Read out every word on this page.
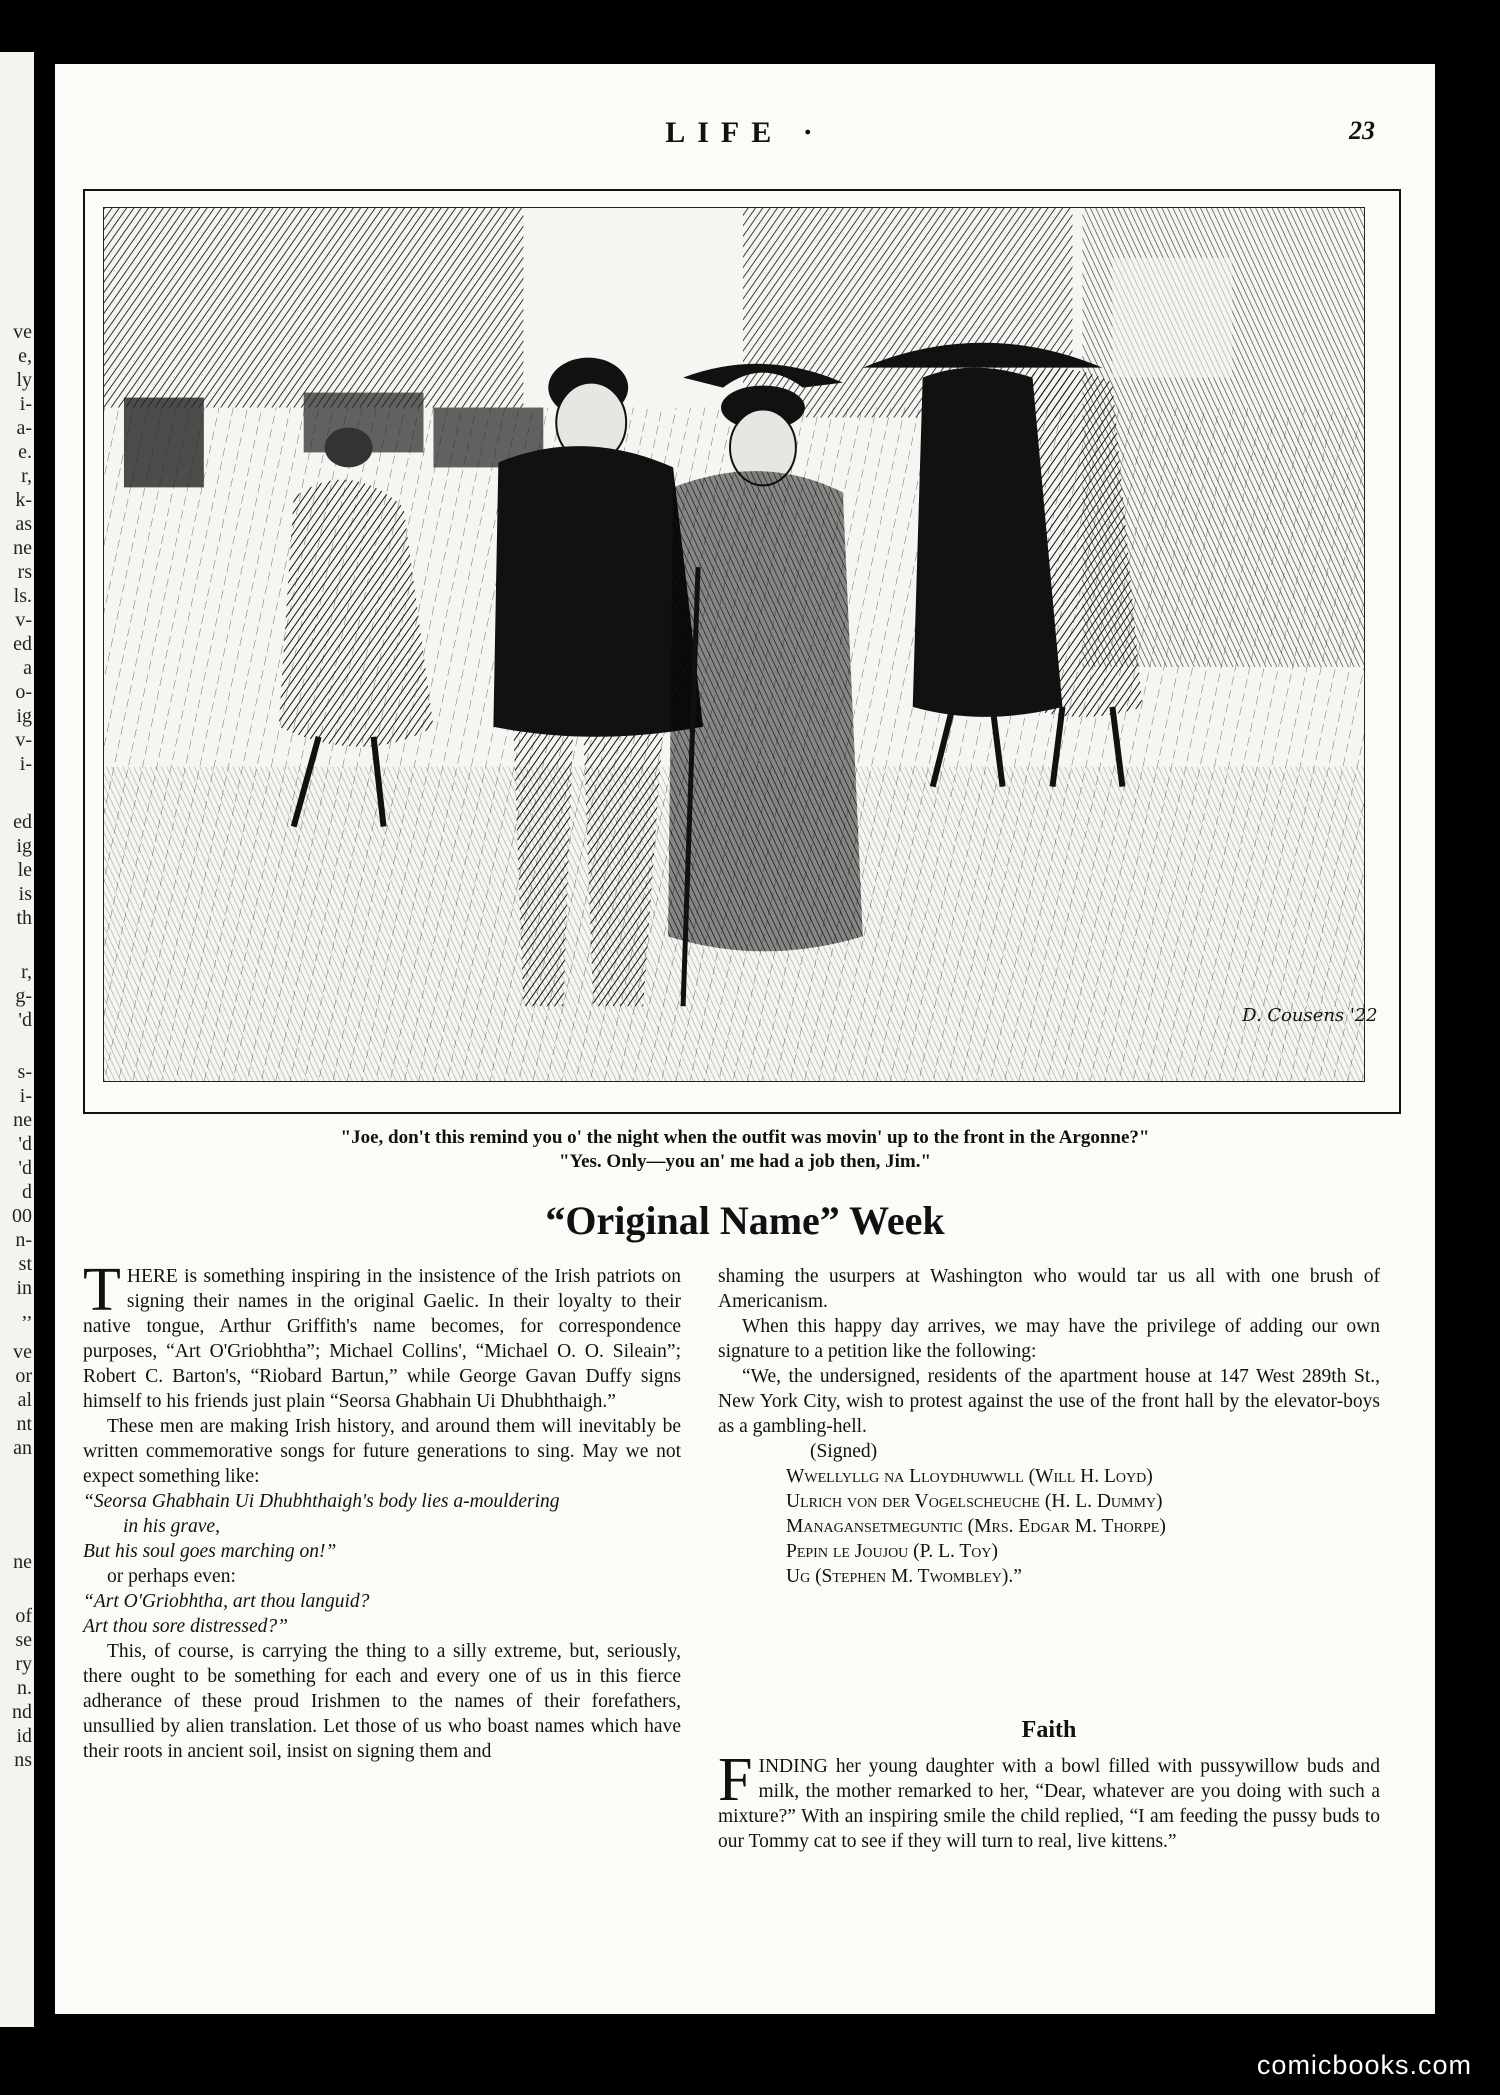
ve
e,
ly
i-
a-
e.
r,
k-
as
ne
rs
ls.
v-
ed
a
o-
ig
v-
i-
ed
ig
le
is
th
r,
g-
'd
s-
i-
ne
'd
'd
d
00
n-
st
in
,,
ve
or
al
nt
an
ne
of
se
ry
n.
nd
id
ns
LIFE ·	23
D. Cousens '22
"Joe, don't this remind you o' the night when the outfit was movin' up to the front in the Argonne?"
"Yes. Only—you an' me had a job then, Jim."
“Original Name” Week

THERE is something inspiring in the insistence of the Irish patriots on signing their names in the original Gaelic. In their loyalty to their native tongue, Arthur Griffith's name becomes, for correspondence purposes, “Art O'Griobhtha”; Michael Collins', “Michael O. O. Sileain”; Robert C. Barton's, “Riobard Bartun,” while George Gavan Duffy signs himself to his friends just plain “Seorsa Ghabhain Ui Dhubhthaigh.”

These men are making Irish history, and around them will inevitably be written commemorative songs for future generations to sing. May we not expect something like:

“Seorsa Ghabhain Ui Dhubhthaigh's body lies a-mouldering
in his grave,
But his soul goes marching on!”

or perhaps even:

“Art O'Griobhtha, art thou languid?
Art thou sore distressed?”

This, of course, is carrying the thing to a silly extreme, but, seriously, there ought to be something for each and every one of us in this fierce adherance of these proud Irishmen to the names of their forefathers, unsullied by alien translation. Let those of us who boast names which have their roots in ancient soil, insist on signing them and

shaming the usurpers at Washington who would tar us all with one brush of Americanism.

When this happy day arrives, we may have the privilege of adding our own signature to a petition like the following:

“We, the undersigned, residents of the apartment house at 147 West 289th St., New York City, wish to protest against the use of the front hall by the elevator-boys as a gambling-hell.

(Signed)
Wwellyllg na Lloydhuwwll (Will H. Loyd)
Ulrich von der Vogelscheuche (H. L. Dummy)
Managansetmeguntic (Mrs. Edgar M. Thorpe)
Pepin le Joujou (P. L. Toy)
Ug (Stephen M. Twombley).”
Faith

FINDING her young daughter with a bowl filled with pussywillow buds and milk, the mother remarked to her, “Dear, whatever are you doing with such a mixture?” With an inspiring smile the child replied, “I am feeding the pussy buds to our Tommy cat to see if they will turn to real, live kittens.”

comicbooks.com
